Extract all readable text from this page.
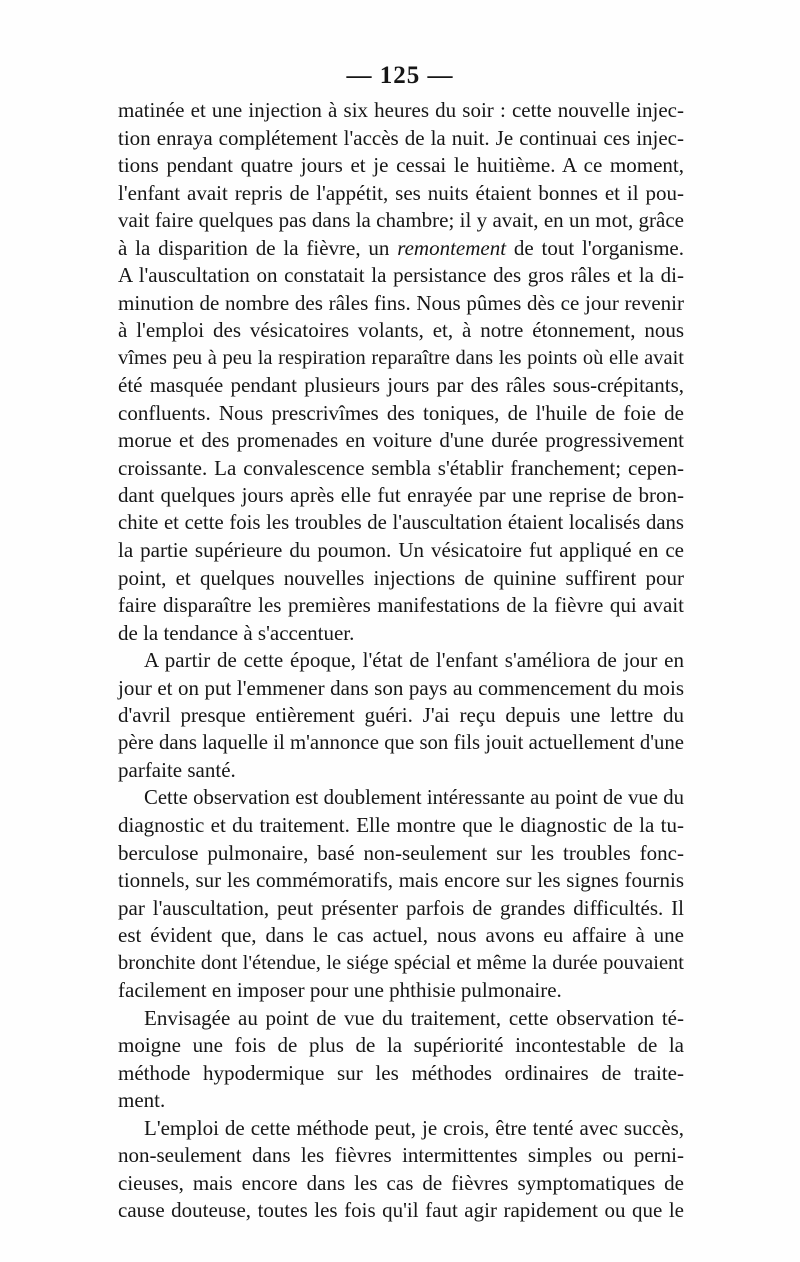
— 125 —
matinée et une injection à six heures du soir : cette nouvelle injec-
tion enraya complétement l'accès de la nuit. Je continuai ces injec-
tions pendant quatre jours et je cessai le huitième. A ce moment,
l'enfant avait repris de l'appétit, ses nuits étaient bonnes et il pou-
vait faire quelques pas dans la chambre; il y avait, en un mot, grâce
à la disparition de la fièvre, un remontement de tout l'organisme.
A l'auscultation on constatait la persistance des gros râles et la di-
minution de nombre des râles fins. Nous pûmes dès ce jour revenir
à l'emploi des vésicatoires volants, et, à notre étonnement, nous
vîmes peu à peu la respiration reparaître dans les points où elle avait
été masquée pendant plusieurs jours par des râles sous-crépitants,
confluents. Nous prescrivîmes des toniques, de l'huile de foie de
morue et des promenades en voiture d'une durée progressivement
croissante. La convalescence sembla s'établir franchement; cepen-
dant quelques jours après elle fut enrayée par une reprise de bron-
chite et cette fois les troubles de l'auscultation étaient localisés dans
la partie supérieure du poumon. Un vésicatoire fut appliqué en ce
point, et quelques nouvelles injections de quinine suffirent pour
faire disparaître les premières manifestations de la fièvre qui avait
de la tendance à s'accentuer.
A partir de cette époque, l'état de l'enfant s'améliora de jour en
jour et on put l'emmener dans son pays au commencement du mois
d'avril presque entièrement guéri. J'ai reçu depuis une lettre du
père dans laquelle il m'annonce que son fils jouit actuellement d'une
parfaite santé.
Cette observation est doublement intéressante au point de vue du
diagnostic et du traitement. Elle montre que le diagnostic de la tu-
berculose pulmonaire, basé non-seulement sur les troubles fonc-
tionnels, sur les commémoratifs, mais encore sur les signes fournis
par l'auscultation, peut présenter parfois de grandes difficultés. Il
est évident que, dans le cas actuel, nous avons eu affaire à une
bronchite dont l'étendue, le siége spécial et même la durée pouvaient
facilement en imposer pour une phthisie pulmonaire.
Envisagée au point de vue du traitement, cette observation té-
moigne une fois de plus de la supériorité incontestable de la
méthode hypodermique sur les méthodes ordinaires de traite-
ment.
L'emploi de cette méthode peut, je crois, être tenté avec succès,
non-seulement dans les fièvres intermittentes simples ou perni-
cieuses, mais encore dans les cas de fièvres symptomatiques de
cause douteuse, toutes les fois qu'il faut agir rapidement ou que le
